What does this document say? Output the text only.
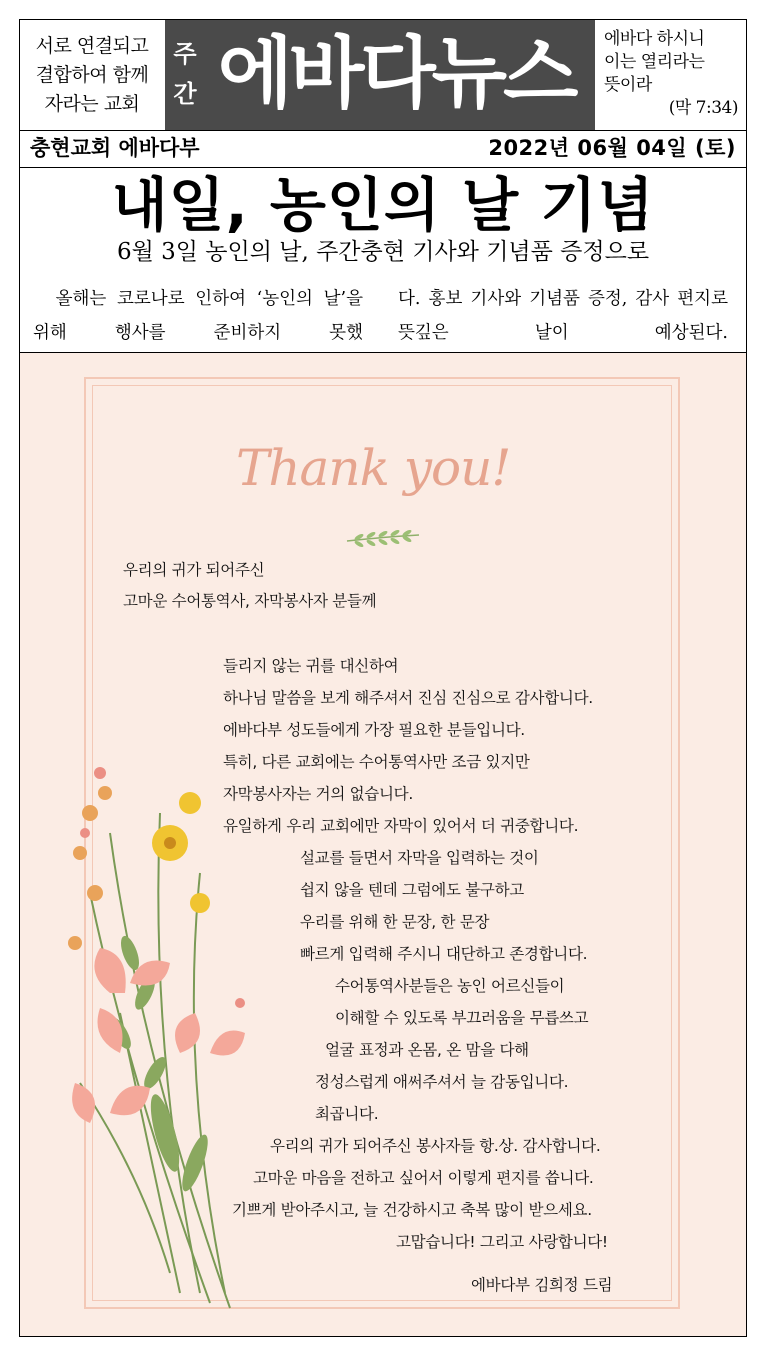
서로 연결되고
결합하여 함께
자라는 교회
주
간 에바다뉴스	에바다 하시니
이는 열리라는
뜻이라
(막 7:34)
충현교회 에바다부	2022년 06월 04일 (토)
내일, 농인의 날 기념
6월 3일 농인의 날, 주간충현 기사와 기념품 증정으로
　올해는 코로나로 인하여 ‘농인의 날’을 위해 행사를 준비하지 못했
다. 홍보 기사와 기념품 증정, 감사 편지로 뜻깊은 날이 예상된다.
Thank you!
우리의 귀가 되어주신
고마운 수어통역사, 자막봉사자 분들께
들리지 않는 귀를 대신하여
하나님 말씀을 보게 해주셔서 진심 진심으로 감사합니다.
에바다부 성도들에게 가장 필요한 분들입니다.
특히, 다른 교회에는 수어통역사만 조금 있지만
자막봉사자는 거의 없습니다.
유일하게 우리 교회에만 자막이 있어서 더 귀중합니다.
설교를 들면서 자막을 입력하는 것이
쉽지 않을 텐데 그럼에도 불구하고
우리를 위해 한 문장, 한 문장
빠르게 입력해 주시니 대단하고 존경합니다.
수어통역사분들은 농인 어르신들이
이해할 수 있도록 부끄러움을 무릅쓰고
얼굴 표정과 온몸, 온 맘을 다해
정성스럽게 애써주셔서 늘 감동입니다.
최곱니다.
우리의 귀가 되어주신 봉사자들 항.상. 감사합니다.
고마운 마음을 전하고 싶어서 이렇게 편지를 씁니다.
기쁘게 받아주시고, 늘 건강하시고 축복 많이 받으세요.
고맙습니다! 그리고 사랑합니다!
에바다부 김희정 드림
